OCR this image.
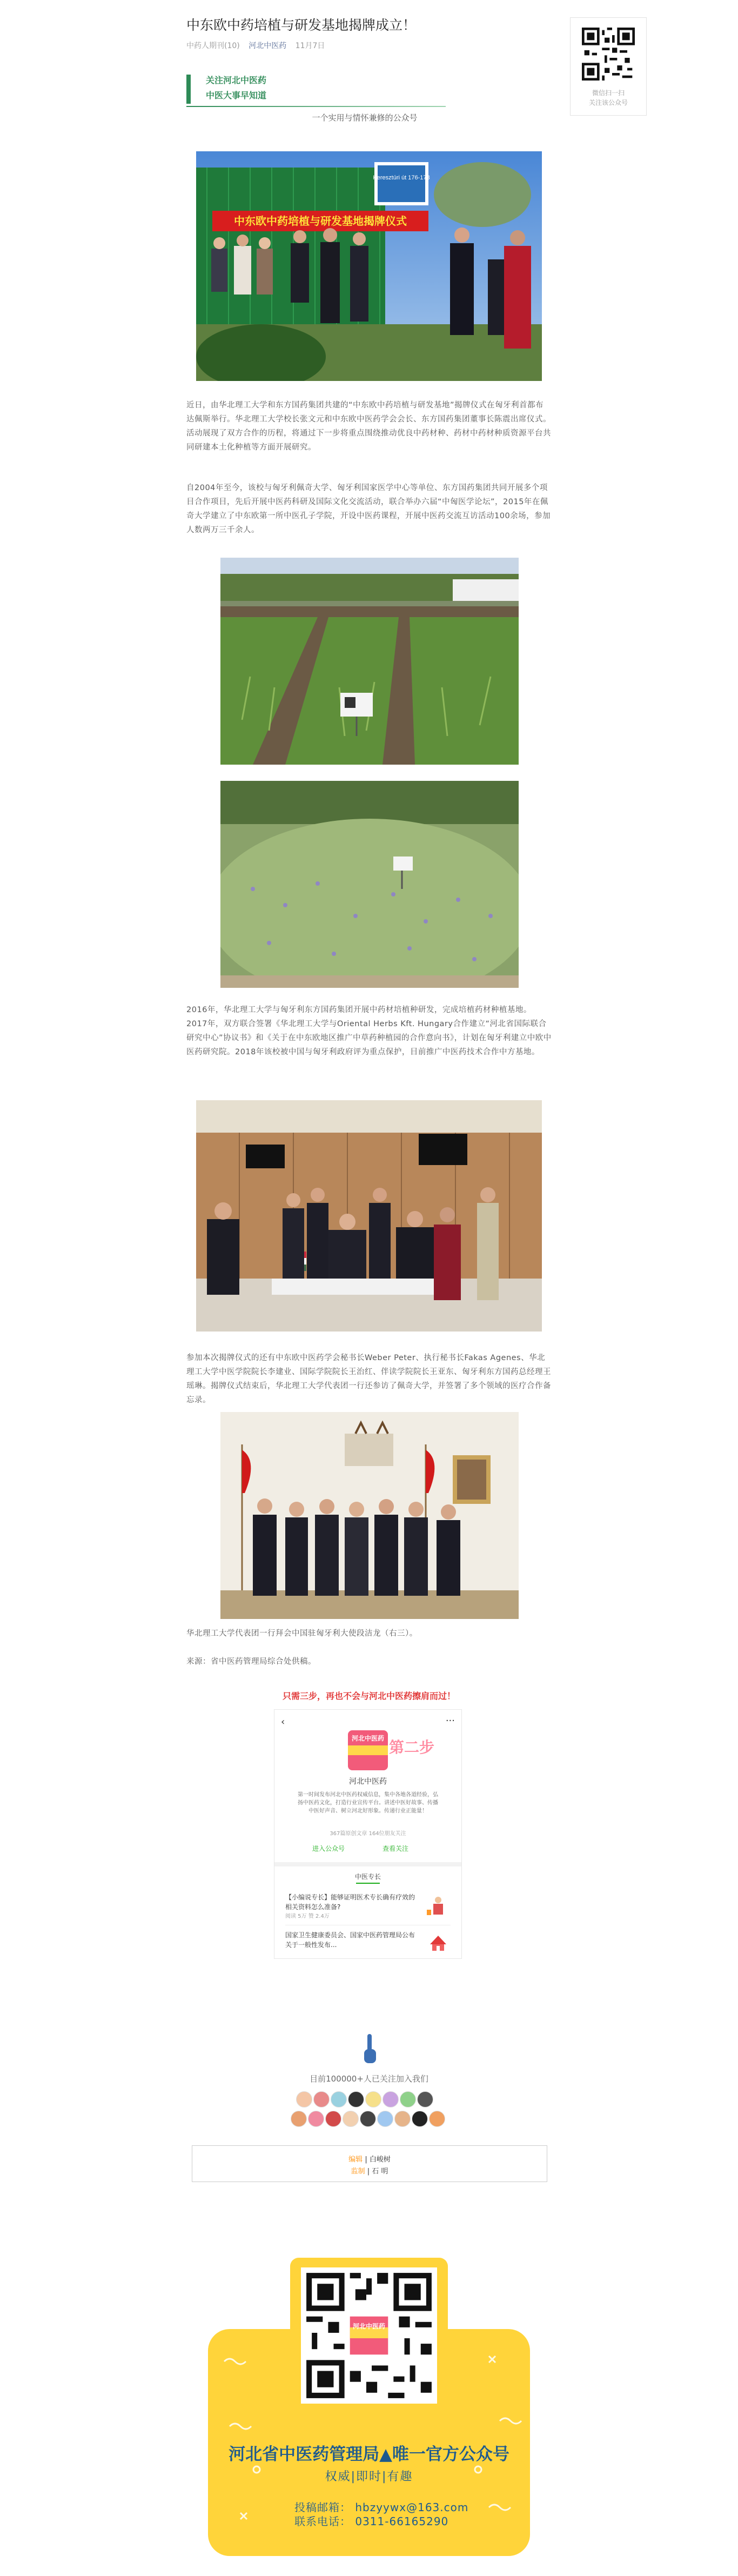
中东欧中药培植与研发基地揭牌成立！
中药人期刊(10) 河北中医药 11月7日
微信扫一扫
关注该公众号
关注河北中医药
中医大事早知道
一个实用与情怀兼修的公众号
Keresztúri út 176-178
中东欧中药培植与研发基地揭牌仪式
近日，由华北理工大学和东方国药集团共建的“中东欧中药培植与研发基地”揭牌仪式在匈牙利首都布达佩斯举行。华北理工大学校长张文元和中东欧中医药学会会长、东方国药集团董事长陈震出席仪式。活动展现了双方合作的历程，将通过下一步将重点围绕推动优良中药材种、药材中药材种质资源平台共同研建本土化种植等方面开展研究。
自2004年至今，该校与匈牙利佩奇大学、匈牙利国家医学中心等单位、东方国药集团共同开展多个项目合作项目，先后开展中医药科研及国际文化交流活动，联合举办六届“中匈医学论坛”，2015年在佩奇大学建立了中东欧第一所中医孔子学院，开设中医药课程，开展中医药交流互访活动100余场，参加人数两万三千余人。
2016年，华北理工大学与匈牙利东方国药集团开展中药材培植种研发，完成培植药材种植基地。2017年，双方联合签署《华北理工大学与Oriental Herbs Kft. Hungary合作建立“河北省国际联合研究中心”协议书》和《关于在中东欧地区推广中草药种植园的合作意向书》，计划在匈牙利建立中欧中医药研究院。2018年该校被中国与匈牙利政府评为重点保护，目前推广中医药技术合作中方基地。
参加本次揭牌仪式的还有中东欧中医药学会秘书长Weber Peter、执行秘书长Fakas Agenes、华北理工大学中医学院院长李建业、国际学院院长王治红、伴读学院院长王亚东、匈牙利东方国药总经理王瑶琳。揭牌仪式结束后，华北理工大学代表团一行还参访了佩奇大学，并签署了多个领域的医疗合作备忘录。
华北理工大学代表团一行拜会中国驻匈牙利大使段洁龙（右三）。
来源：省中医药管理局综合处供稿。
只需三步，再也不会与河北中医药擦肩而过！
‹	···
河北中医药 第二步
河北中医药
第一时间发布河北中医药权威信息，集中各地各道经验，弘扬中医药文化，打造行业宣传平台。讲述中医好故事、传播中医好声音、树立河北好形象。传递行业正能量！
367篇原创文章 164位朋友关注
进入公众号	查看关注
中医专长
【小编说专长】能够证明医术专长确有疗效的相关资料怎么准备?
阅读 5万 赞 2.4万
国家卫生健康委员会、国家中医药管理局公布关于一般性发布...
目前100000+人已关注加入我们
编辑 | 白峻树
监制 | 石 明
河北中医药
河北省中医药管理局▲唯一官方公众号
权威|即时|有趣
投稿邮箱： hbzyywx@163.com
联系电话： 0311-66165290
